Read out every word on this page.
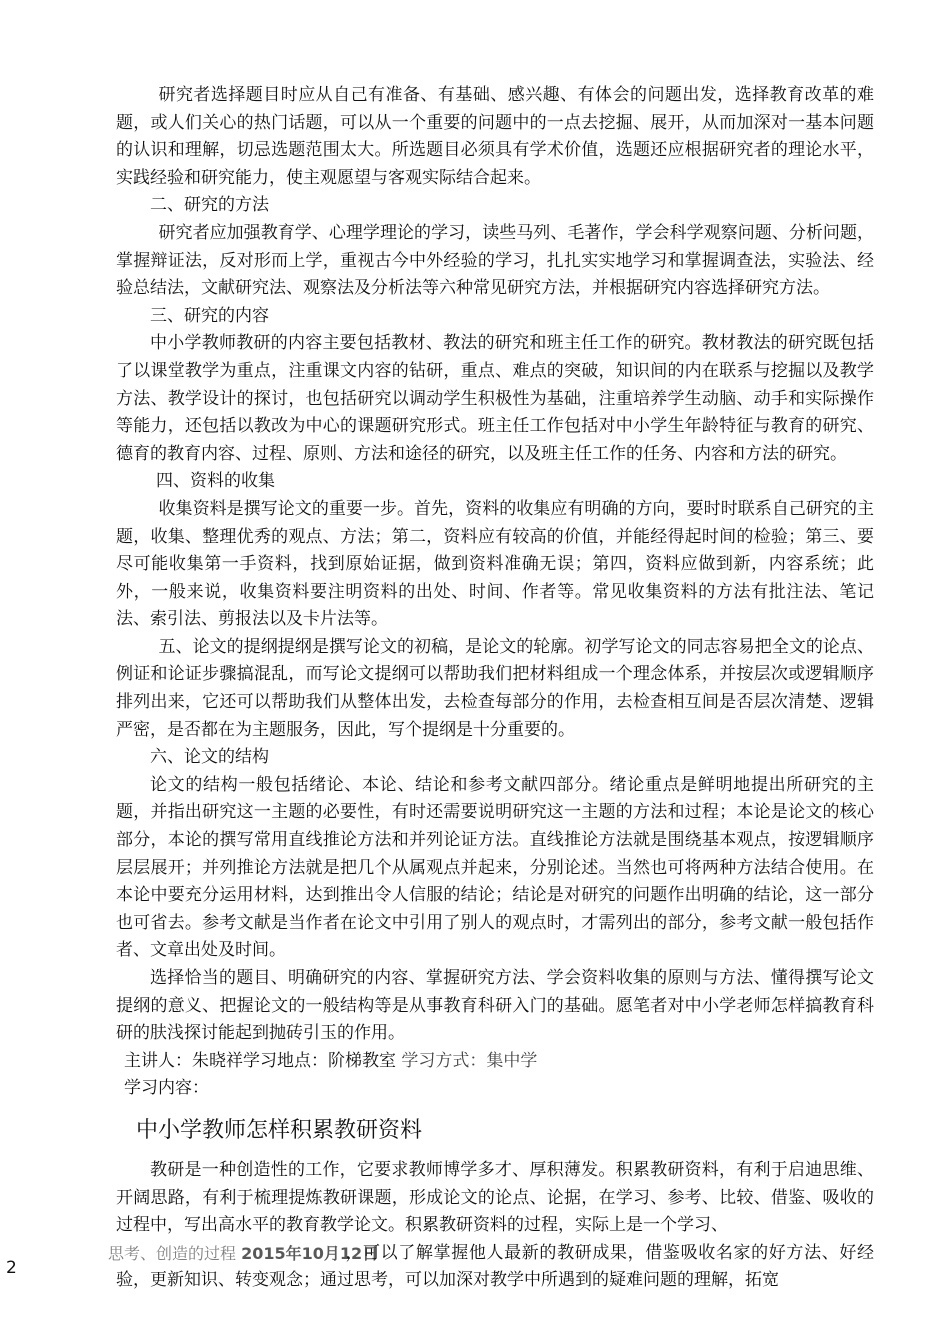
研究者选择题目时应从自己有准备、有基础、感兴趣、有体会的问题出发，选择教育改革的难题，或人们关心的热门话题，可以从一个重要的问题中的一点去挖掘、展开，从而加深对一基本问题的认识和理解，切忌选题范围太大。所选题目必须具有学术价值，选题还应根据研究者的理论水平，实践经验和研究能力，使主观愿望与客观实际结合起来。

二、研究的方法

研究者应加强教育学、心理学理论的学习，读些马列、毛著作，学会科学观察问题、分析问题，掌握辩证法，反对形而上学，重视古今中外经验的学习，扎扎实实地学习和掌握调查法，实验法、经验总结法，文献研究法、观察法及分析法等六种常见研究方法，并根据研究内容选择研究方法。

三、研究的内容

中小学教师教研的内容主要包括教材、教法的研究和班主任工作的研究。教材教法的研究既包括了以课堂教学为重点，注重课文内容的钻研，重点、难点的突破，知识间的内在联系与挖掘以及教学方法、教学设计的探讨，也包括研究以调动学生积极性为基础，注重培养学生动脑、动手和实际操作等能力，还包括以教改为中心的课题研究形式。班主任工作包括对中小学生年龄特征与教育的研究、德育的教育内容、过程、原则、方法和途径的研究，以及班主任工作的任务、内容和方法的研究。

四、资料的收集

收集资料是撰写论文的重要一步。首先，资料的收集应有明确的方向，要时时联系自己研究的主题，收集、整理优秀的观点、方法；第二，资料应有较高的价值，并能经得起时间的检验；第三、要尽可能收集第一手资料，找到原始证据，做到资料准确无误；第四，资料应做到新，内容系统；此外，一般来说，收集资料要注明资料的出处、时间、作者等。常见收集资料的方法有批注法、笔记法、索引法、剪报法以及卡片法等。

五、论文的提纲提纲是撰写论文的初稿，是论文的轮廓。初学写论文的同志容易把全文的论点、例证和论证步骤搞混乱，而写论文提纲可以帮助我们把材料组成一个理念体系，并按层次或逻辑顺序排列出来，它还可以帮助我们从整体出发，去检查每部分的作用，去检查相互间是否层次清楚、逻辑严密，是否都在为主题服务，因此，写个提纲是十分重要的。

六、论文的结构

论文的结构一般包括绪论、本论、结论和参考文献四部分。绪论重点是鲜明地提出所研究的主题，并指出研究这一主题的必要性，有时还需要说明研究这一主题的方法和过程；本论是论文的核心部分，本论的撰写常用直线推论方法和并列论证方法。直线推论方法就是围绕基本观点，按逻辑顺序层层展开；并列推论方法就是把几个从属观点并起来，分别论述。当然也可将两种方法结合使用。在本论中要充分运用材料，达到推出令人信服的结论；结论是对研究的问题作出明确的结论，这一部分也可省去。参考文献是当作者在论文中引用了别人的观点时，才需列出的部分，参考文献一般包括作者、文章出处及时间。

选择恰当的题目、明确研究的内容、掌握研究方法、学会资料收集的原则与方法、懂得撰写论文提纲的意义、把握论文的一般结构等是从事教育科研入门的基础。愿笔者对中小学老师怎样搞教育科研的肤浅探讨能起到抛砖引玉的作用。

主讲人：朱晓祥学习地点：阶梯教室 学习方式：集中学

学习内容：

中小学教师怎样积累教研资料

教研是一种创造性的工作，它要求教师博学多才、厚积薄发。积累教研资料，有利于启迪思维、开阔思路，有利于梳理提炼教研课题，形成论文的论点、论据，在学习、参考、比较、借鉴、吸收的过程中，写出高水平的教育教学论文。积累教研资料的过程，实际上是一个学习、

，可以了解掌握他人最新的教研成果，借鉴吸收名家的好方法、好经验，更新知识、转变观念；通过思考，可以加深对教学中所遇到的疑难问题的理解，拓宽

思考、创造的过程 2015年10月12日
2
